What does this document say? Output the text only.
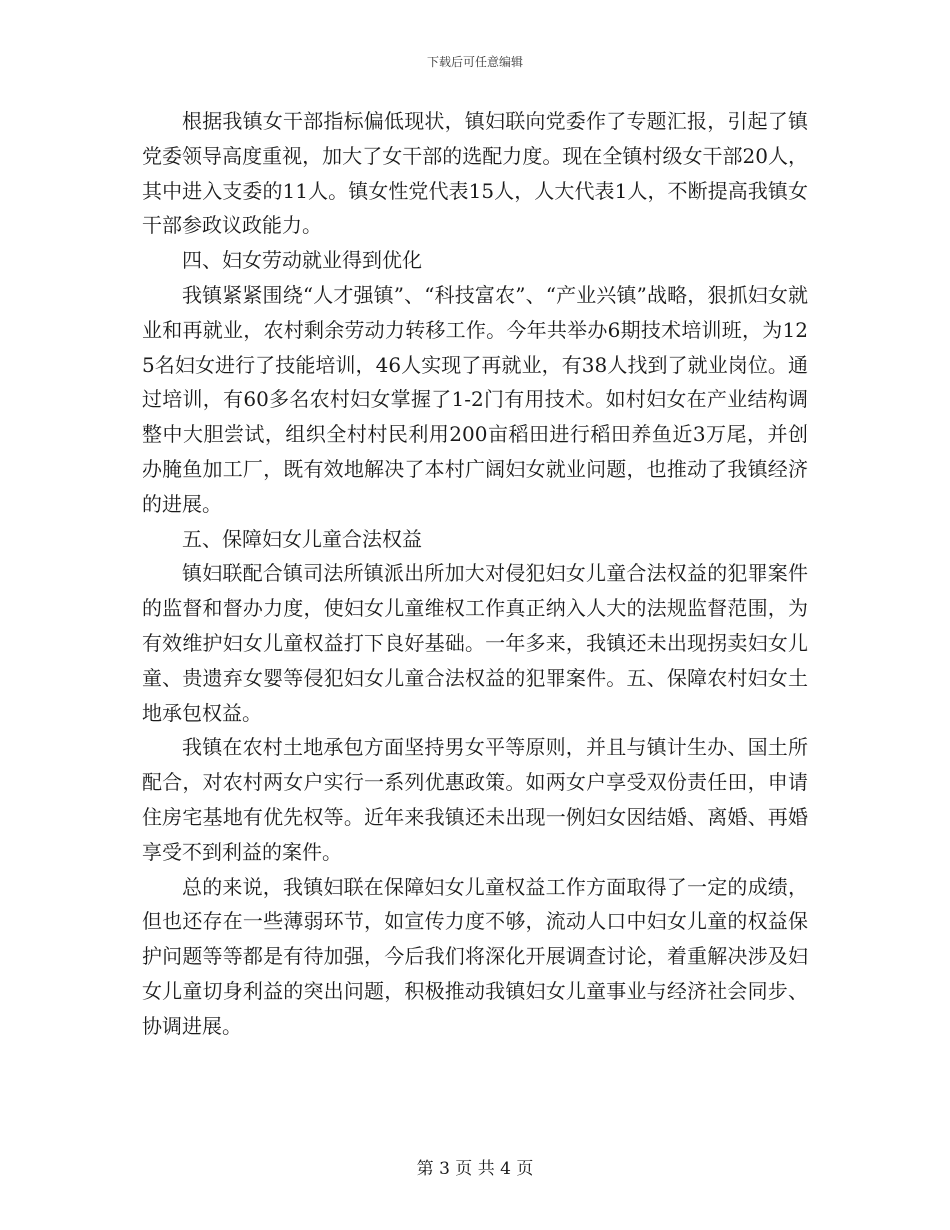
下载后可任意编辑

根据我镇女干部指标偏低现状，镇妇联向党委作了专题汇报，引起了镇党委领导高度重视，加大了女干部的选配力度。现在全镇村级女干部20人，其中进入支委的11人。镇女性党代表15人，人大代表1人，不断提高我镇女干部参政议政能力。

四、妇女劳动就业得到优化

我镇紧紧围绕“人才强镇”、“科技富农”、“产业兴镇”战略，狠抓妇女就业和再就业，农村剩余劳动力转移工作。今年共举办6期技术培训班，为125名妇女进行了技能培训，46人实现了再就业，有38人找到了就业岗位。通过培训，有60多名农村妇女掌握了1-2门有用技术。如村妇女在产业结构调整中大胆尝试，组织全村村民利用200亩稻田进行稻田养鱼近3万尾，并创办腌鱼加工厂，既有效地解决了本村广阔妇女就业问题，也推动了我镇经济的进展。

五、保障妇女儿童合法权益

镇妇联配合镇司法所镇派出所加大对侵犯妇女儿童合法权益的犯罪案件的监督和督办力度，使妇女儿童维权工作真正纳入人大的法规监督范围，为有效维护妇女儿童权益打下良好基础。一年多来，我镇还未出现拐卖妇女儿童、贵遗弃女婴等侵犯妇女儿童合法权益的犯罪案件。五、保障农村妇女土地承包权益。

我镇在农村土地承包方面坚持男女平等原则，并且与镇计生办、国土所配合，对农村两女户实行一系列优惠政策。如两女户享受双份责任田，申请住房宅基地有优先权等。近年来我镇还未出现一例妇女因结婚、离婚、再婚享受不到利益的案件。

总的来说，我镇妇联在保障妇女儿童权益工作方面取得了一定的成绩，但也还存在一些薄弱环节，如宣传力度不够，流动人口中妇女儿童的权益保护问题等等都是有待加强，今后我们将深化开展调查讨论，着重解决涉及妇女儿童切身利益的突出问题，积极推动我镇妇女儿童事业与经济社会同步、协调进展。

第 3 页 共 4 页
